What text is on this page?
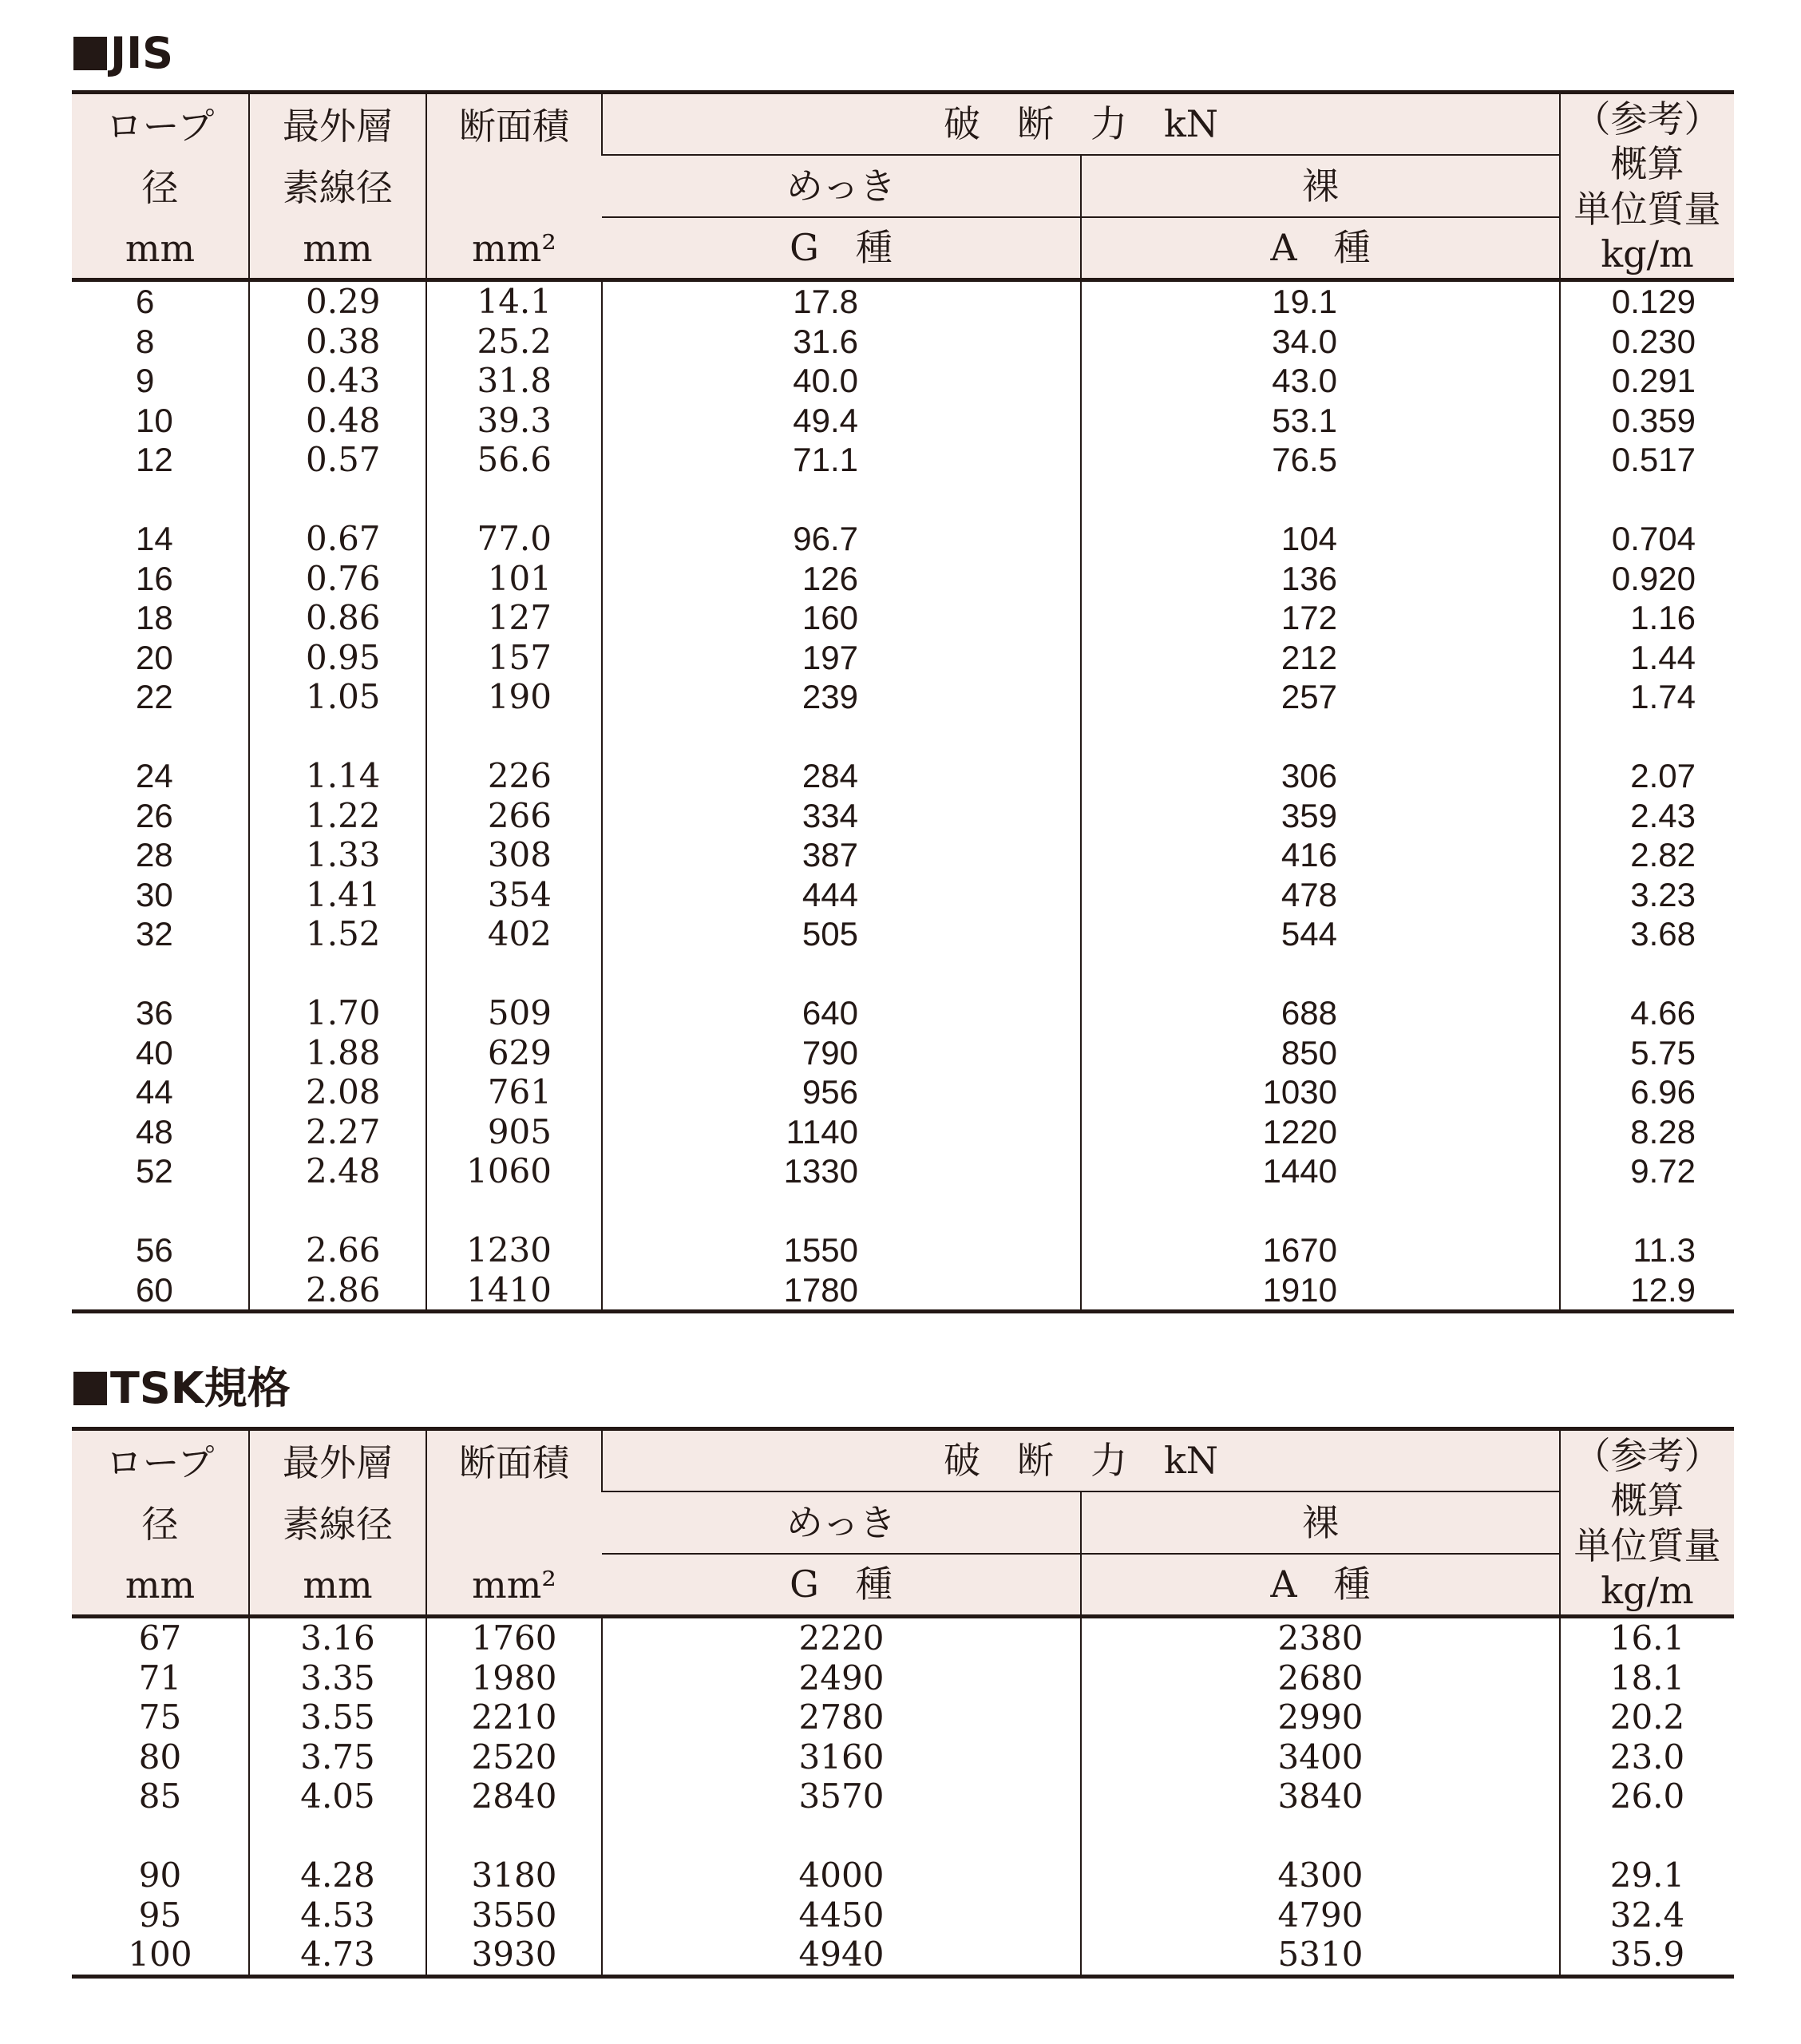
JIS
ロープ
径
mm	最外層
素線径
mm	断面積
mm²	破　断　力　kN		（参考）
概算
単位質量
kg/m

			めっき	裸	
			G　種	A　種	
6	0.29	14.1	17.8	19.1	0.129
8	0.38	25.2	31.6	34.0	0.230
9	0.43	31.8	40.0	43.0	0.291
10	0.48	39.3	49.4	53.1	0.359
12	0.57	56.6	71.1	76.5	0.517

14	0.67	77.0	96.7	104	0.704
16	0.76	101	126	136	0.920
18	0.86	127	160	172	1.16
20	0.95	157	197	212	1.44
22	1.05	190	239	257	1.74

24	1.14	226	284	306	2.07
26	1.22	266	334	359	2.43
28	1.33	308	387	416	2.82
30	1.41	354	444	478	3.23
32	1.52	402	505	544	3.68

36	1.70	509	640	688	4.66
40	1.88	629	790	850	5.75
44	2.08	761	956	1030	6.96
48	2.27	905	1140	1220	8.28
52	2.48	1060	1330	1440	9.72

56	2.66	1230	1550	1670	11.3
60	2.86	1410	1780	1910	12.9
TSK規格
ロープ
径
mm	最外層
素線径
mm	断面積
mm²	破　断　力　kN		（参考）
概算
単位質量
kg/m

			めっき	裸	
			G　種	A　種	
67	3.16	1760	2220	2380	16.1
71	3.35	1980	2490	2680	18.1
75	3.55	2210	2780	2990	20.2
80	3.75	2520	3160	3400	23.0
85	4.05	2840	3570	3840	26.0

90	4.28	3180	4000	4300	29.1
95	4.53	3550	4450	4790	32.4
100	4.73	3930	4940	5310	35.9
